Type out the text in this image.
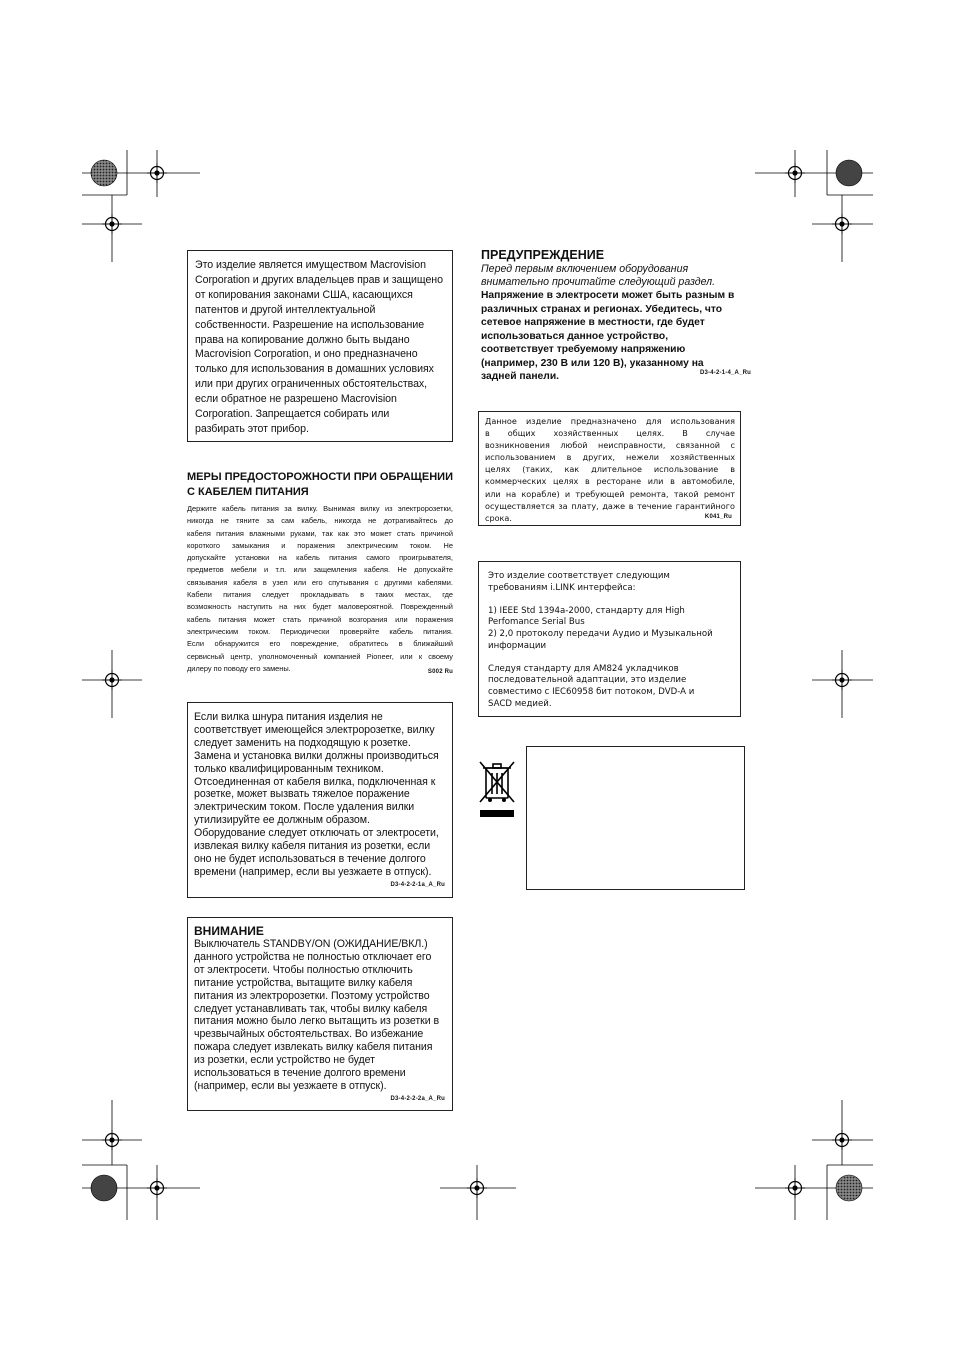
Это изделие является имуществом Macrovision
Corporation и других владельцев прав и защищено
от копирования законами США, касающихся
патентов и другой интеллектуальной
собственности. Разрешение на использование
права на копирование должно быть выдано
Macrovision Corporation, и оно предназначено
только для использования в домашних условиях
или при других ограниченных обстоятельствах,
если обратное не разрешено Macrovision
Corporation. Запрещается собирать или
разбирать этот прибор.
МЕРЫ ПРЕДОСТОРОЖНОСТИ ПРИ ОБРАЩЕНИИ
С КАБЕЛЕМ ПИТАНИЯ
Держите кабель питания за вилку. Вынимая вилку из электророзетки,
никогда не тяните за сам кабель, никогда не дотрагивайтесь до
кабеля питания влажными руками, так как это может стать причиной
короткого замыкания и поражения электрическим током. Не
допускайте установки на кабель питания самого проигрывателя,
предметов мебели и т.п. или защемления кабеля. Не допускайте
связывания кабеля в узел или его спутывания с другими кабелями.
Кабели питания следует прокладывать в таких местах, где
возможность наступить на них будет маловероятной. Поврежденный
кабель питания может стать причиной возгорания или поражения
электрическим током. Периодически проверяйте кабель питания.
Если обнаружится его повреждение, обратитесь в ближайший
сервисный центр, уполномоченный компанией Pioneer, или к своему
дилеру по поводу его замены.	S002 Ru
Если вилка шнура питания изделия не
соответствует имеющейся электророзетке, вилку
следует заменить на подходящую к розетке.
Замена и установка вилки должны производиться
только квалифицированным техником.
Отсоединенная от кабеля вилка, подключенная к
розетке, может вызвать тяжелое поражение
электрическим током. После удаления вилки
утилизируйте ее должным образом.
Оборудование следует отключать от электросети,
извлекая вилку кабеля питания из розетки, если
оно не будет использоваться в течение долгого
времени (например, если вы уезжаете в отпуск).
D3-4-2-2-1a_A_Ru
ВНИМАНИЕ
Выключатель STANDBY/ON (ОЖИДАНИЕ/ВКЛ.)
данного устройства не полностью отключает его
от электросети. Чтобы полностью отключить
питание устройства, вытащите вилку кабеля
питания из электророзетки. Поэтому устройство
следует устанавливать так, чтобы вилку кабеля
питания можно было легко вытащить из розетки в
чрезвычайных обстоятельствах. Во избежание
пожара следует извлекать вилку кабеля питания
из розетки, если устройство не будет
использоваться в течение долгого времени
(например, если вы уезжаете в отпуск).
D3-4-2-2-2a_A_Ru
ПРЕДУПРЕЖДЕНИЕ
Перед первым включением оборудования
внимательно прочитайте следующий раздел.
Напряжение в электросети может быть разным в
различных странах и регионах. Убедитесь, что
сетевое напряжение в местности, где будет
использоваться данное устройство,
соответствует требуемому напряжению
(например, 230 В или 120 В), указанному на
задней панели.	D3-4-2-1-4_A_Ru
Данное изделие предназначено для использования
в общих хозяйственных целях. В случае
возникновения любой неисправности, связанной с
использованием в других, нежели хозяйственных
целях (таких, как длительное использование в
коммерческих целях в ресторане или в автомобиле,
или на корабле) и требующей ремонта, такой ремонт
осуществляется за плату, даже в течение гарантийного
срока.	K041_Ru
Это изделие соответствует следующим
требованиям i.LINK интерфейса:

1) IEEE Std 1394a-2000, стандарту для High
Perfomance Serial Bus
2) 2,0 протоколу передачи Аудио и Музыкальной
информации

Следуя стандарту для AM824 укладчиков
последовательной адаптации, это изделие
совместимо с IEC60958 бит потоком, DVD-A и
SACD медией.
